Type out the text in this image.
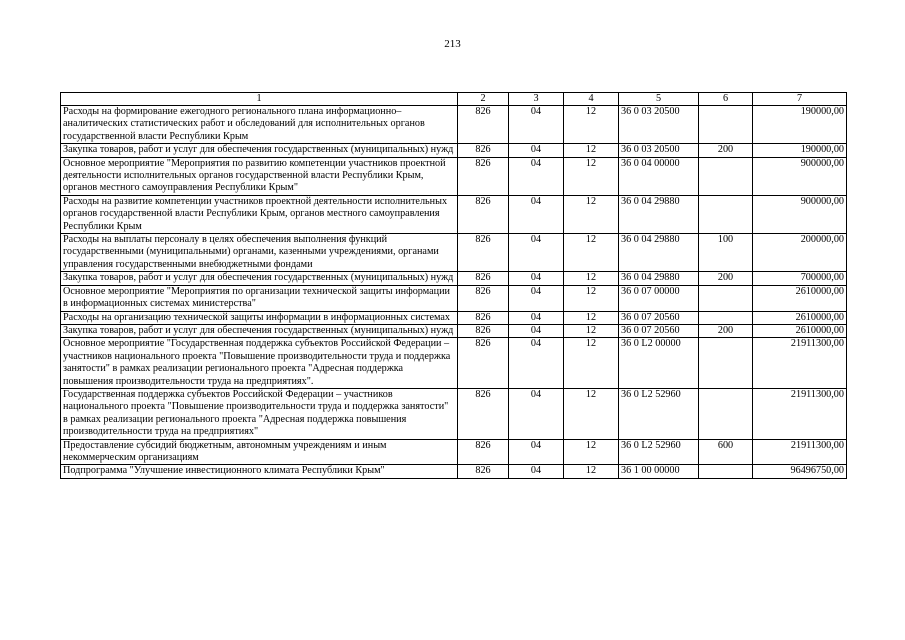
213
1	2	3	4	5	6	7
Расходы на формирование ежегодного регионального плана информационно–аналитических статистических работ и обследований для исполнительных органов государственной власти Республики Крым	826	04	12	36 0 03 20500		190000,00
Закупка товаров, работ и услуг для обеспечения государственных (муниципальных) нужд	826	04	12	36 0 03 20500	200	190000,00
Основное мероприятие "Мероприятия по развитию компетенции участников проектной деятельности исполнительных органов государственной власти Республики Крым, органов местного самоуправления Республики Крым"	826	04	12	36 0 04 00000		900000,00
Расходы на развитие компетенции участников проектной деятельности исполнительных органов государственной власти Республики Крым, органов местного самоуправления Республики Крым	826	04	12	36 0 04 29880		900000,00
Расходы на выплаты персоналу в целях обеспечения выполнения функций государственными (муниципальными) органами, казенными учреждениями, органами управления государственными внебюджетными фондами	826	04	12	36 0 04 29880	100	200000,00
Закупка товаров, работ и услуг для обеспечения государственных (муниципальных) нужд	826	04	12	36 0 04 29880	200	700000,00
Основное мероприятие "Мероприятия по организации технической защиты информации в информационных системах министерства"	826	04	12	36 0 07 00000		2610000,00
Расходы на организацию технической защиты информации в информационных системах	826	04	12	36 0 07 20560		2610000,00
Закупка товаров, работ и услуг для обеспечения государственных (муниципальных) нужд	826	04	12	36 0 07 20560	200	2610000,00
Основное мероприятие "Государственная поддержка субъектов Российской Федерации – участников национального проекта "Повышение производительности труда и поддержка занятости" в рамках реализации регионального проекта "Адресная поддержка повышения производительности труда на предприятиях".	826	04	12	36 0 L2 00000		21911300,00
Государственная поддержка субъектов Российской Федерации – участников национального проекта "Повышение производительности труда и поддержка занятости" в рамках реализации регионального проекта "Адресная поддержка повышения производительности труда на предприятиях"	826	04	12	36 0 L2 52960		21911300,00
Предоставление субсидий бюджетным, автономным учреждениям и иным некоммерческим организациям	826	04	12	36 0 L2 52960	600	21911300,00
Подпрограмма "Улучшение инвестиционного климата Республики Крым"	826	04	12	36 1 00 00000		96496750,00
